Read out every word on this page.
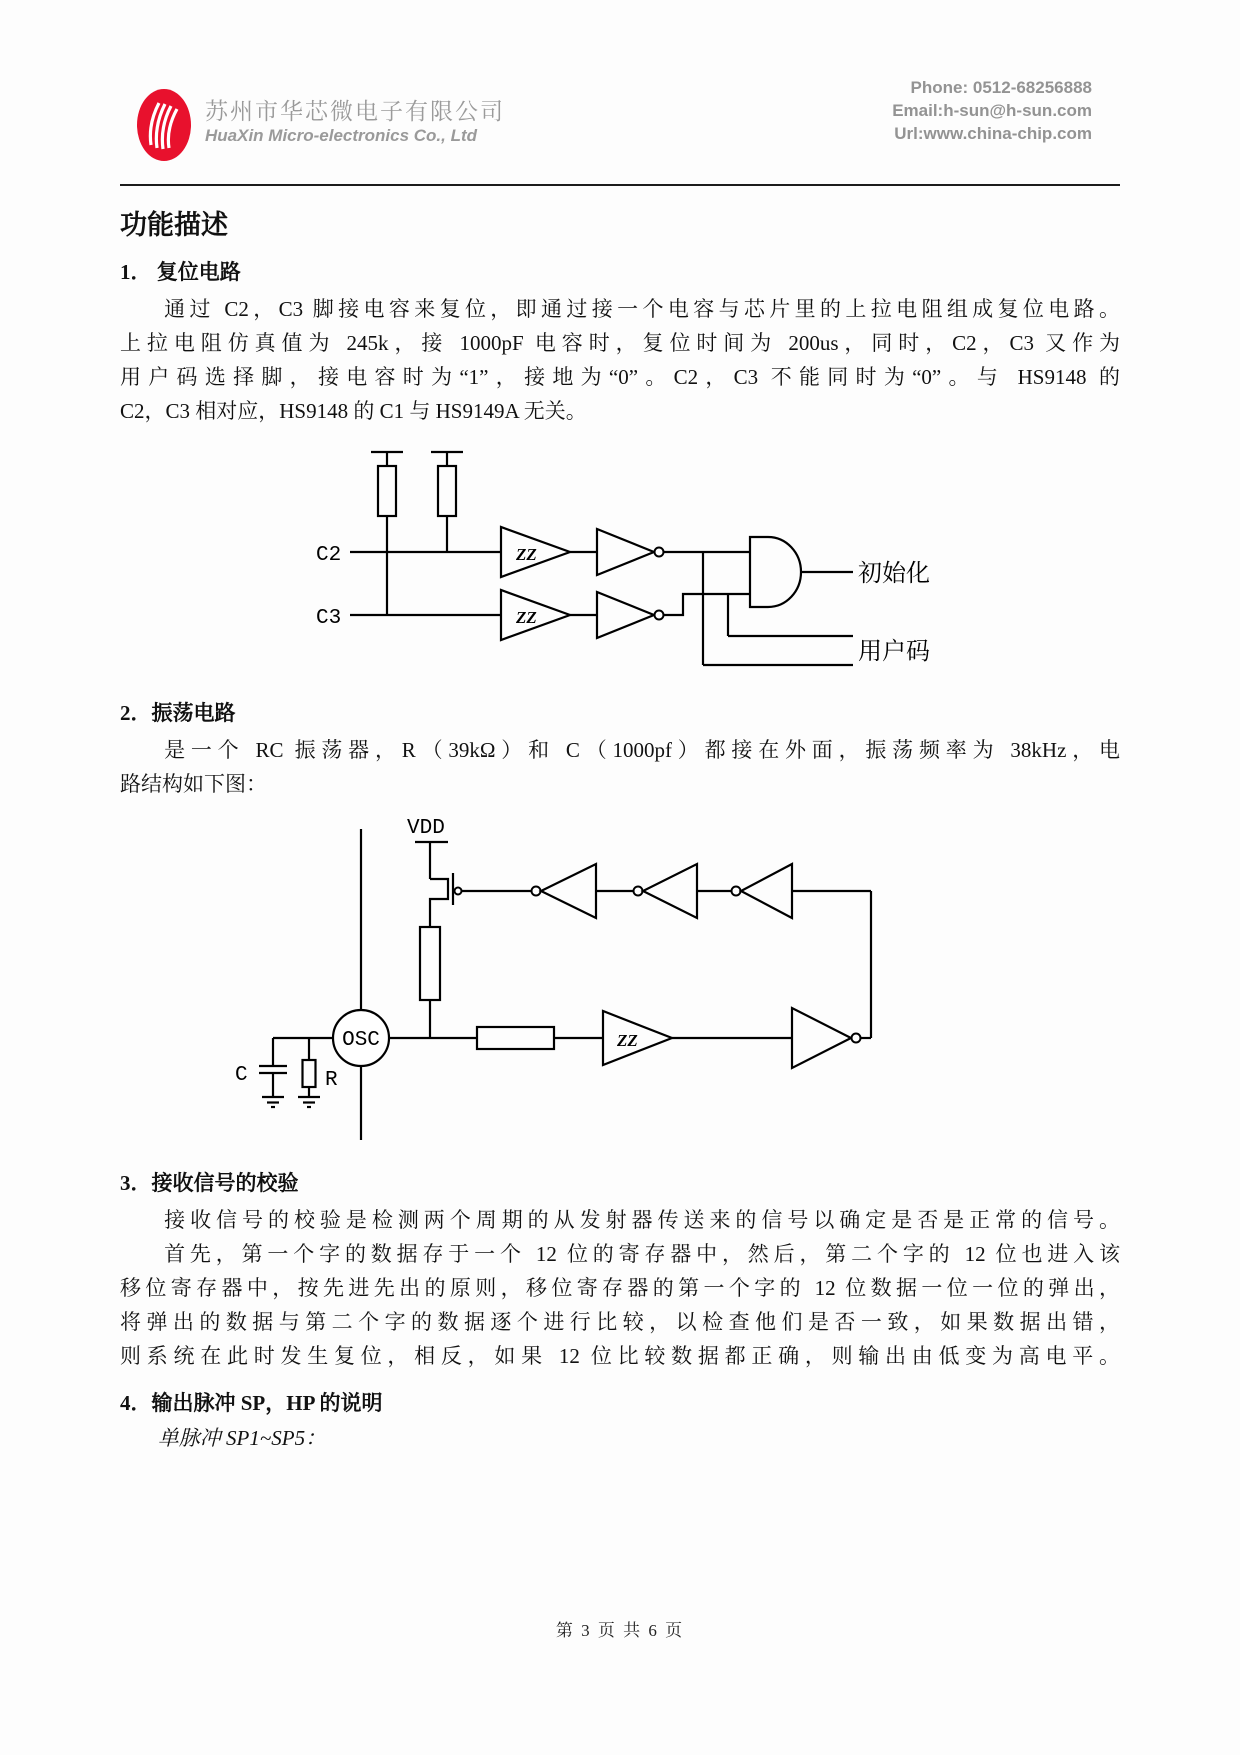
苏州市华芯微电子有限公司
HuaXin Micro-electronics Co., Ltd
Phone: 0512-68256888
Email:h-sun@h-sun.com
Url:www.china-chip.com
功能描述
1． 复位电路
通过 C2，C3 脚接电容来复位，即通过接一个电容与芯片里的上拉电阻组成复位电路。
上拉电阻仿真值为 245k，接 1000pF 电容时，复位时间为 200us，同时，C2，C3 又作为
用户码选择脚，接电容时为“1”，接地为“0”。C2，C3 不能同时为“0”。与 HS9148 的
C2，C3 相对应，HS9148 的 C1 与 HS9149A 无关。
C2
C3
ZZ
ZZ
初始化
用户码
2．振荡电路
是一个 RC 振荡器，R（39kΩ）和 C（1000pf）都接在外面，振荡频率为 38kHz，电
路结构如下图：
VDD
OSC
C	R
ZZ
3．接收信号的校验
接收信号的校验是检测两个周期的从发射器传送来的信号以确定是否是正常的信号。
首先，第一个字的数据存于一个 12 位的寄存器中，然后，第二个字的 12 位也进入该
移位寄存器中，按先进先出的原则，移位寄存器的第一个字的 12 位数据一位一位的弹出，
将弹出的数据与第二个字的数据逐个进行比较，以检查他们是否一致，如果数据出错，
则系统在此时发生复位，相反，如果 12 位比较数据都正确，则输出由低变为高电平。
4．输出脉冲 SP，HP 的说明
单脉冲 SP1~SP5：
第 3 页 共 6 页
